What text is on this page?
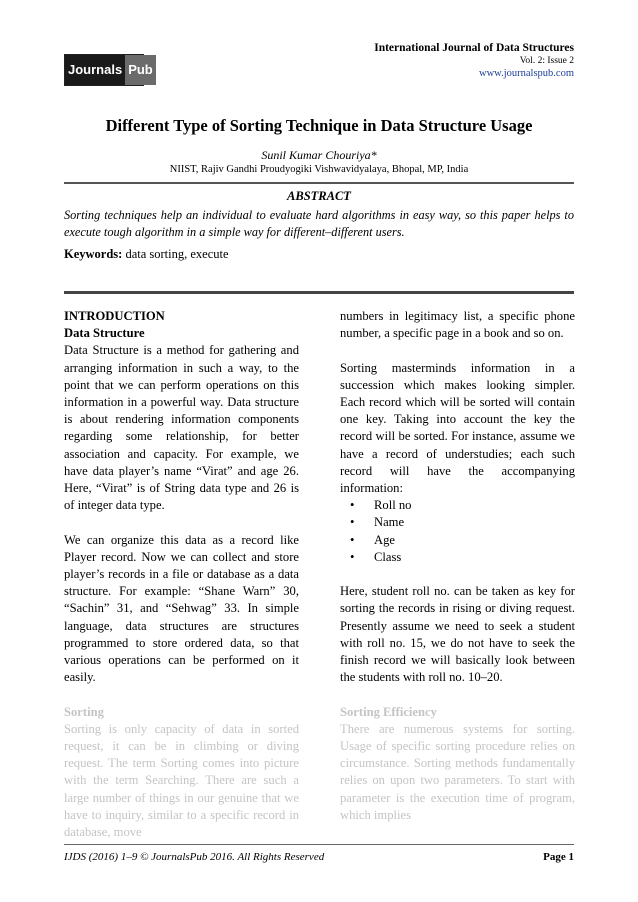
Journals Pub
International Journal of Data Structures
Vol. 2: Issue 2
www.journalspub.com
Different Type of Sorting Technique in Data Structure Usage
Sunil Kumar Chouriya*
NIIST, Rajiv Gandhi Proudyogiki Vishwavidyalaya, Bhopal, MP, India
ABSTRACT
Sorting techniques help an individual to evaluate hard algorithms in easy way, so this paper helps to execute tough algorithm in a simple way for different–different users.
Keywords: data sorting, execute
INTRODUCTION
Data Structure

Data Structure is a method for gathering and arranging information in such a way, to the point that we can perform operations on this information in a powerful way. Data structure is about rendering information components regarding some relationship, for better association and capacity. For example, we have data player’s name “Virat” and age 26. Here, “Virat” is of String data type and 26 is of integer data type.

We can organize this data as a record like Player record. Now we can collect and store player’s records in a file or database as a data structure. For example: “Shane Warn” 30, “Sachin” 31, and “Sehwag” 33. In simple language, data structures are structures programmed to store ordered data, so that various operations can be performed on it easily.

Sorting

Sorting is only capacity of data in sorted request, it can be in climbing or diving request. The term Sorting comes into picture with the term Searching. There are such a large number of things in our genuine that we have to inquiry, similar to a specific record in database, move

numbers in legitimacy list, a specific phone number, a specific page in a book and so on.

Sorting masterminds information in a succession which makes looking simpler. Each record which will be sorted will contain one key. Taking into account the key the record will be sorted. For instance, assume we have a record of understudies; each such record will have the accompanying information:

• Roll no
• Name
• Age
• Class

Here, student roll no. can be taken as key for sorting the records in rising or diving request. Presently assume we need to seek a student with roll no. 15, we do not have to seek the finish record we will basically look between the students with roll no. 10–20.

Sorting Efficiency

There are numerous systems for sorting. Usage of specific sorting procedure relies on circumstance. Sorting methods fundamentally relies on upon two parameters. To start with parameter is the execution time of program, which implies

IJDS (2016) 1–9 © JournalsPub 2016. All Rights Reserved	Page 1
